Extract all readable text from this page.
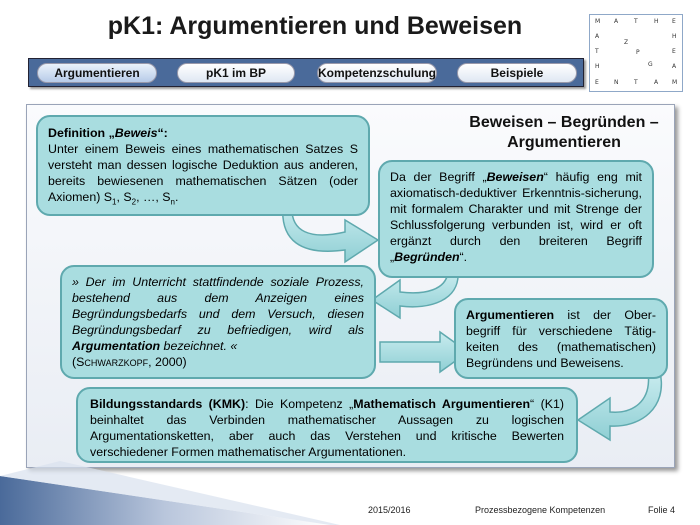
pK1: Argumentieren und Beweisen	M A	T	H E
A
T
H
H
E
A
E	N	T	A M
Z
P
G
Argumentieren	pK1 im BP	Kompetenzschulung	Beispiele
Beweisen – Begründen – Argumentieren
Definition „Beweis“:
Unter einem Beweis eines mathematischen Satzes S versteht man dessen logische Deduktion aus anderen, bereits bewiesenen mathematischen Sätzen (oder Axiomen) $S_1$, $S_2$, …, $S_n$.
Da der Begriff „Beweisen“ häufig eng mit axiomatisch-deduktiver Erkenntnis-sicherung, mit formalem Charakter und mit Strenge der Schlussfolgerung verbunden ist, wird er oft ergänzt durch den breiteren Begriff „Begründen“.
» Der im Unterricht stattfindende soziale Prozess, bestehend aus dem Anzeigen eines Begründungsbedarfs und dem Versuch, diesen Begründungsbedarf zu befriedigen, wird als Argumentation bezeichnet. «
(Schwarzkopf, 2000)
Argumentieren ist der Ober-begriff für verschiedene Tätig-keiten des (mathematischen) Begründens und Beweisens.
Bildungsstandards (KMK): Die Kompetenz „Mathematisch Argumentieren“ (K1) beinhaltet das Verbinden mathematischer Aussagen zu logischen Argumentationsketten, aber auch das Verstehen und kritische Bewerten verschiedener Formen mathematischer Argumentationen.
2015/2016	Prozessbezogene Kompetenzen	Folie 4
